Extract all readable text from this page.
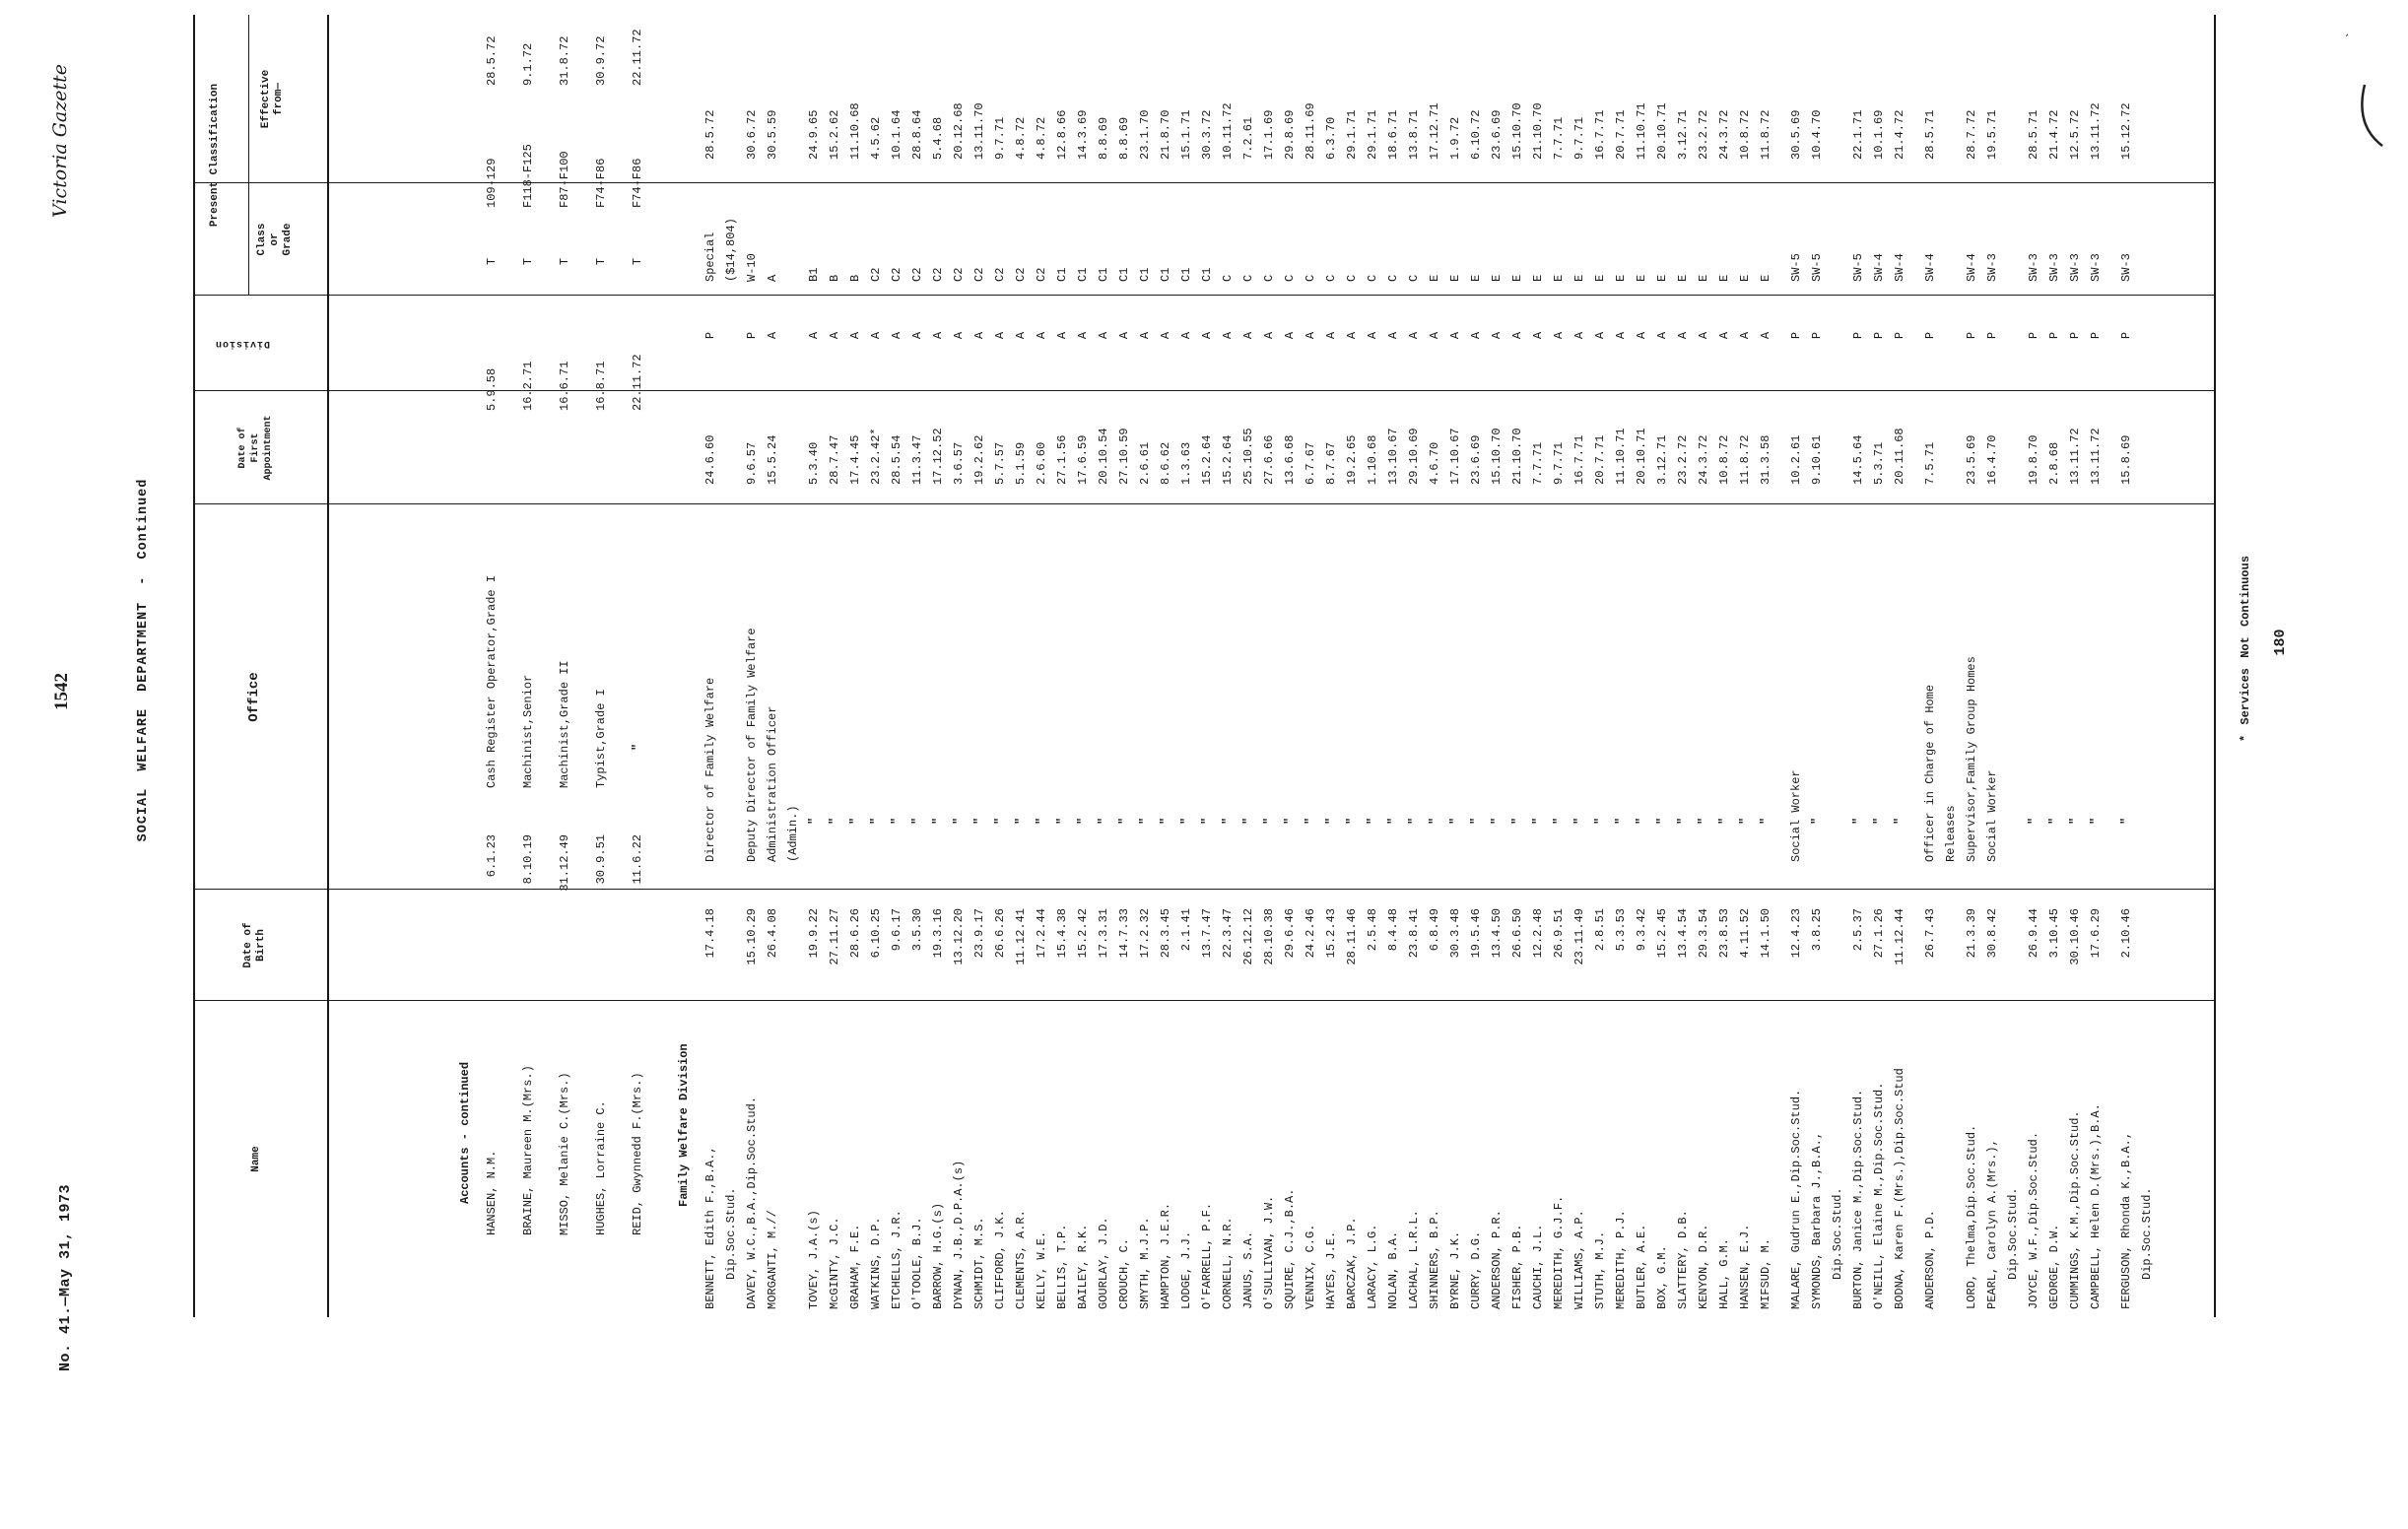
No. 41.—May 31, 1973
1542
Victoria Gazette
SOCIAL WELFARE DEPARTMENT - Continued
Name
Date of Birth
Office
Date of First Appointment
Division
Present Classification
Class or Grade
Effective from—
Accounts - continued	HANSEN, N.M.
6.1.23
Cash Register Operator,Grade I
5.9.58
T
109-129
28.5.72
BRAINE, Maureen M.(Mrs.)
8.10.19
Machinist,Senior
16.2.71
T
F118-F125
9.1.72
MISSO, Melanie C.(Mrs.)
31.12.49
Machinist,Grade II
16.6.71
T
F87-F100
31.8.72
HUGHES, Lorraine C.
30.9.51
Typist,Grade I
16.8.71
T
F74-F86
30.9.72
REID, Gwynnedd F.(Mrs.)
11.6.22
"
22.11.72
T
F74-F86
22.11.72
Family Welfare Division
BENNETT, Edith F.,B.A., Dip.Soc.Stud.
17.4.18
Director of Family Welfare
24.6.60
P
Special ($14,804)
28.5.72
DAVEY, W.C.,B.A.,Dip.Soc.Stud.
15.10.29
Deputy Director of Family Welfare
9.6.57
P
W-10
30.6.72
MORGANTI, M.//
26.4.08
Administration Officer (Admin.)
15.5.24
A
A
30.5.59
TOVEY, J.A.(s)
19.9.22
"
5.3.40
A
B1
24.9.65
McGINTY, J.C.
27.11.27
"
28.7.47
A
B
15.2.62
GRAHAM, F.E.
28.6.26
"
17.4.45
A
B
11.10.68
WATKINS, D.P.
6.10.25
"
23.2.42*
A
C2
4.5.62
ETCHELLS, J.R.
9.6.17
"
28.5.54
A
C2
10.1.64
O'TOOLE, B.J.
3.5.30
"
11.3.47
A
C2
28.8.64
BARROW, H.G.(s)
19.3.16
"
17.12.52
A
C2
5.4.68
DYNAN, J.B.,D.P.A.(s)
13.12.20
"
3.6.57
A
C2
20.12.68
SCHMIDT, M.S.
23.9.17
"
19.2.62
A
C2
13.11.70
CLIFFORD, J.K.
26.6.26
"
5.7.57
A
C2
9.7.71
CLEMENTS, A.R.
11.12.41
"
5.1.59
A
C2
4.8.72
KELLY, W.E.
17.2.44
"
2.6.60
A
C2
4.8.72
BELLIS, T.P.
15.4.38
"
27.1.56
A
C1
12.8.66
BAILEY, R.K.
15.2.42
"
17.6.59
A
C1
14.3.69
GOURLAY, J.D.
17.3.31
"
20.10.54
A
C1
8.8.69
CROUCH, C.
14.7.33
"
27.10.59
A
C1
8.8.69
SMYTH, M.J.P.
17.2.32
"
2.6.61
A
C1
23.1.70
HAMPTON, J.E.R.
28.3.45
"
8.6.62
A
C1
21.8.70
LODGE, J.J.
2.1.41
"
1.3.63
A
C1
15.1.71
O'FARRELL, P.F.
13.7.47
"
15.2.64
A
C1
30.3.72
CORNELL, N.R.
22.3.47
"
15.2.64
A
C
10.11.72
JANUS, S.A.
26.12.12
"
25.10.55
A
C
7.2.61
O'SULLIVAN, J.W.
28.10.38
"
27.6.66
A
C
17.1.69
SQUIRE, C.J.,B.A.
29.6.46
"
13.6.68
A
C
29.8.69
VENNIX, C.G.
24.2.46
"
6.7.67
A
C
28.11.69
HAYES, J.E.
15.2.43
"
8.7.67
A
C
6.3.70
BARCZAK, J.P.
28.11.46
"
19.2.65
A
C
29.1.71
LARACY, L.G.
2.5.48
"
1.10.68
A
C
29.1.71
NOLAN, B.A.
8.4.48
"
13.10.67
A
C
18.6.71
LACHAL, L.R.L.
23.8.41
"
29.10.69
A
C
13.8.71
SHINNERS, B.P.
6.8.49
"
4.6.70
A
E
17.12.71
BYRNE, J.K.
30.3.48
"
17.10.67
A
E
1.9.72
CURRY, D.G.
19.5.46
"
23.6.69
A
E
6.10.72
ANDERSON, P.R.
13.4.50
"
15.10.70
A
E
23.6.69
FISHER, P.B.
26.6.50
"
21.10.70
A
E
15.10.70
CAUCHI, J.L.
12.2.48
"
7.7.71
A
E
21.10.70
MEREDITH, G.J.F.
26.9.51
"
9.7.71
A
E
7.7.71
WILLIAMS, A.P.
23.11.49
"
16.7.71
A
E
9.7.71
STUTH, M.J.
2.8.51
"
20.7.71
A
E
16.7.71
MEREDITH, P.J.
5.3.53
"
11.10.71
A
E
20.7.71
BUTLER, A.E.
9.3.42
"
20.10.71
A
E
11.10.71
BOX, G.M.
15.2.45
"
3.12.71
A
E
20.10.71
SLATTERY, D.B.
13.4.54
"
23.2.72
A
E
3.12.71
KENYON, D.R.
29.3.54
"
24.3.72
A
E
23.2.72
HALL, G.M.
23.8.53
"
10.8.72
A
E
24.3.72
HANSEN, E.J.
4.11.52
"
11.8.72
A
E
10.8.72
MIFSUD, M.
14.1.50
"
31.3.58
A
E
11.8.72
MALARE, Gudrun E.,Dip.Soc.Stud.
12.4.23
Social Worker
10.2.61
P
SW-5
30.5.69
SYMONDS, Barbara J.,B.A., Dip.Soc.Stud.
3.8.25
"
9.10.61
P
SW-5
10.4.70
BURTON, Janice M.,Dip.Soc.Stud.
2.5.37
"
14.5.64
P
SW-5
22.1.71
O'NEILL, Elaine M.,Dip.Soc.Stud.
27.1.26
"
5.3.71
P
SW-4
10.1.69
BODNA, Karen F.(Mrs.),Dip.Soc.Stud
11.12.44
"
20.11.68
P
SW-4
21.4.72
ANDERSON, P.D.
26.7.43
Officer in Charge of Home Releases
7.5.71
P
SW-4
28.5.71
LORD, Thelma,Dip.Soc.Stud.
21.3.39
Supervisor,Family Group Homes
23.5.69
P
SW-4
28.7.72
PEARL, Carolyn A.(Mrs.), Dip.Soc.Stud.
30.8.42
Social Worker
16.4.70
P
SW-3
19.5.71
JOYCE, W.F.,Dip.Soc.Stud.
26.9.44
"
19.8.70
P
SW-3
28.5.71
GEORGE, D.W.
3.10.45
"
2.8.68
P
SW-3
21.4.72
CUMMINGS, K.M.,Dip.Soc.Stud.
30.10.46
"
13.11.72
P
SW-3
12.5.72
CAMPBELL, Helen D.(Mrs.),B.A.
17.6.29
"
13.11.72
P
SW-3
13.11.72
FERGUSON, Rhonda K.,B.A., Dip.Soc.Stud.
2.10.46
"
15.8.69
P
SW-3
15.12.72
* Services Not Continuous 180
`
